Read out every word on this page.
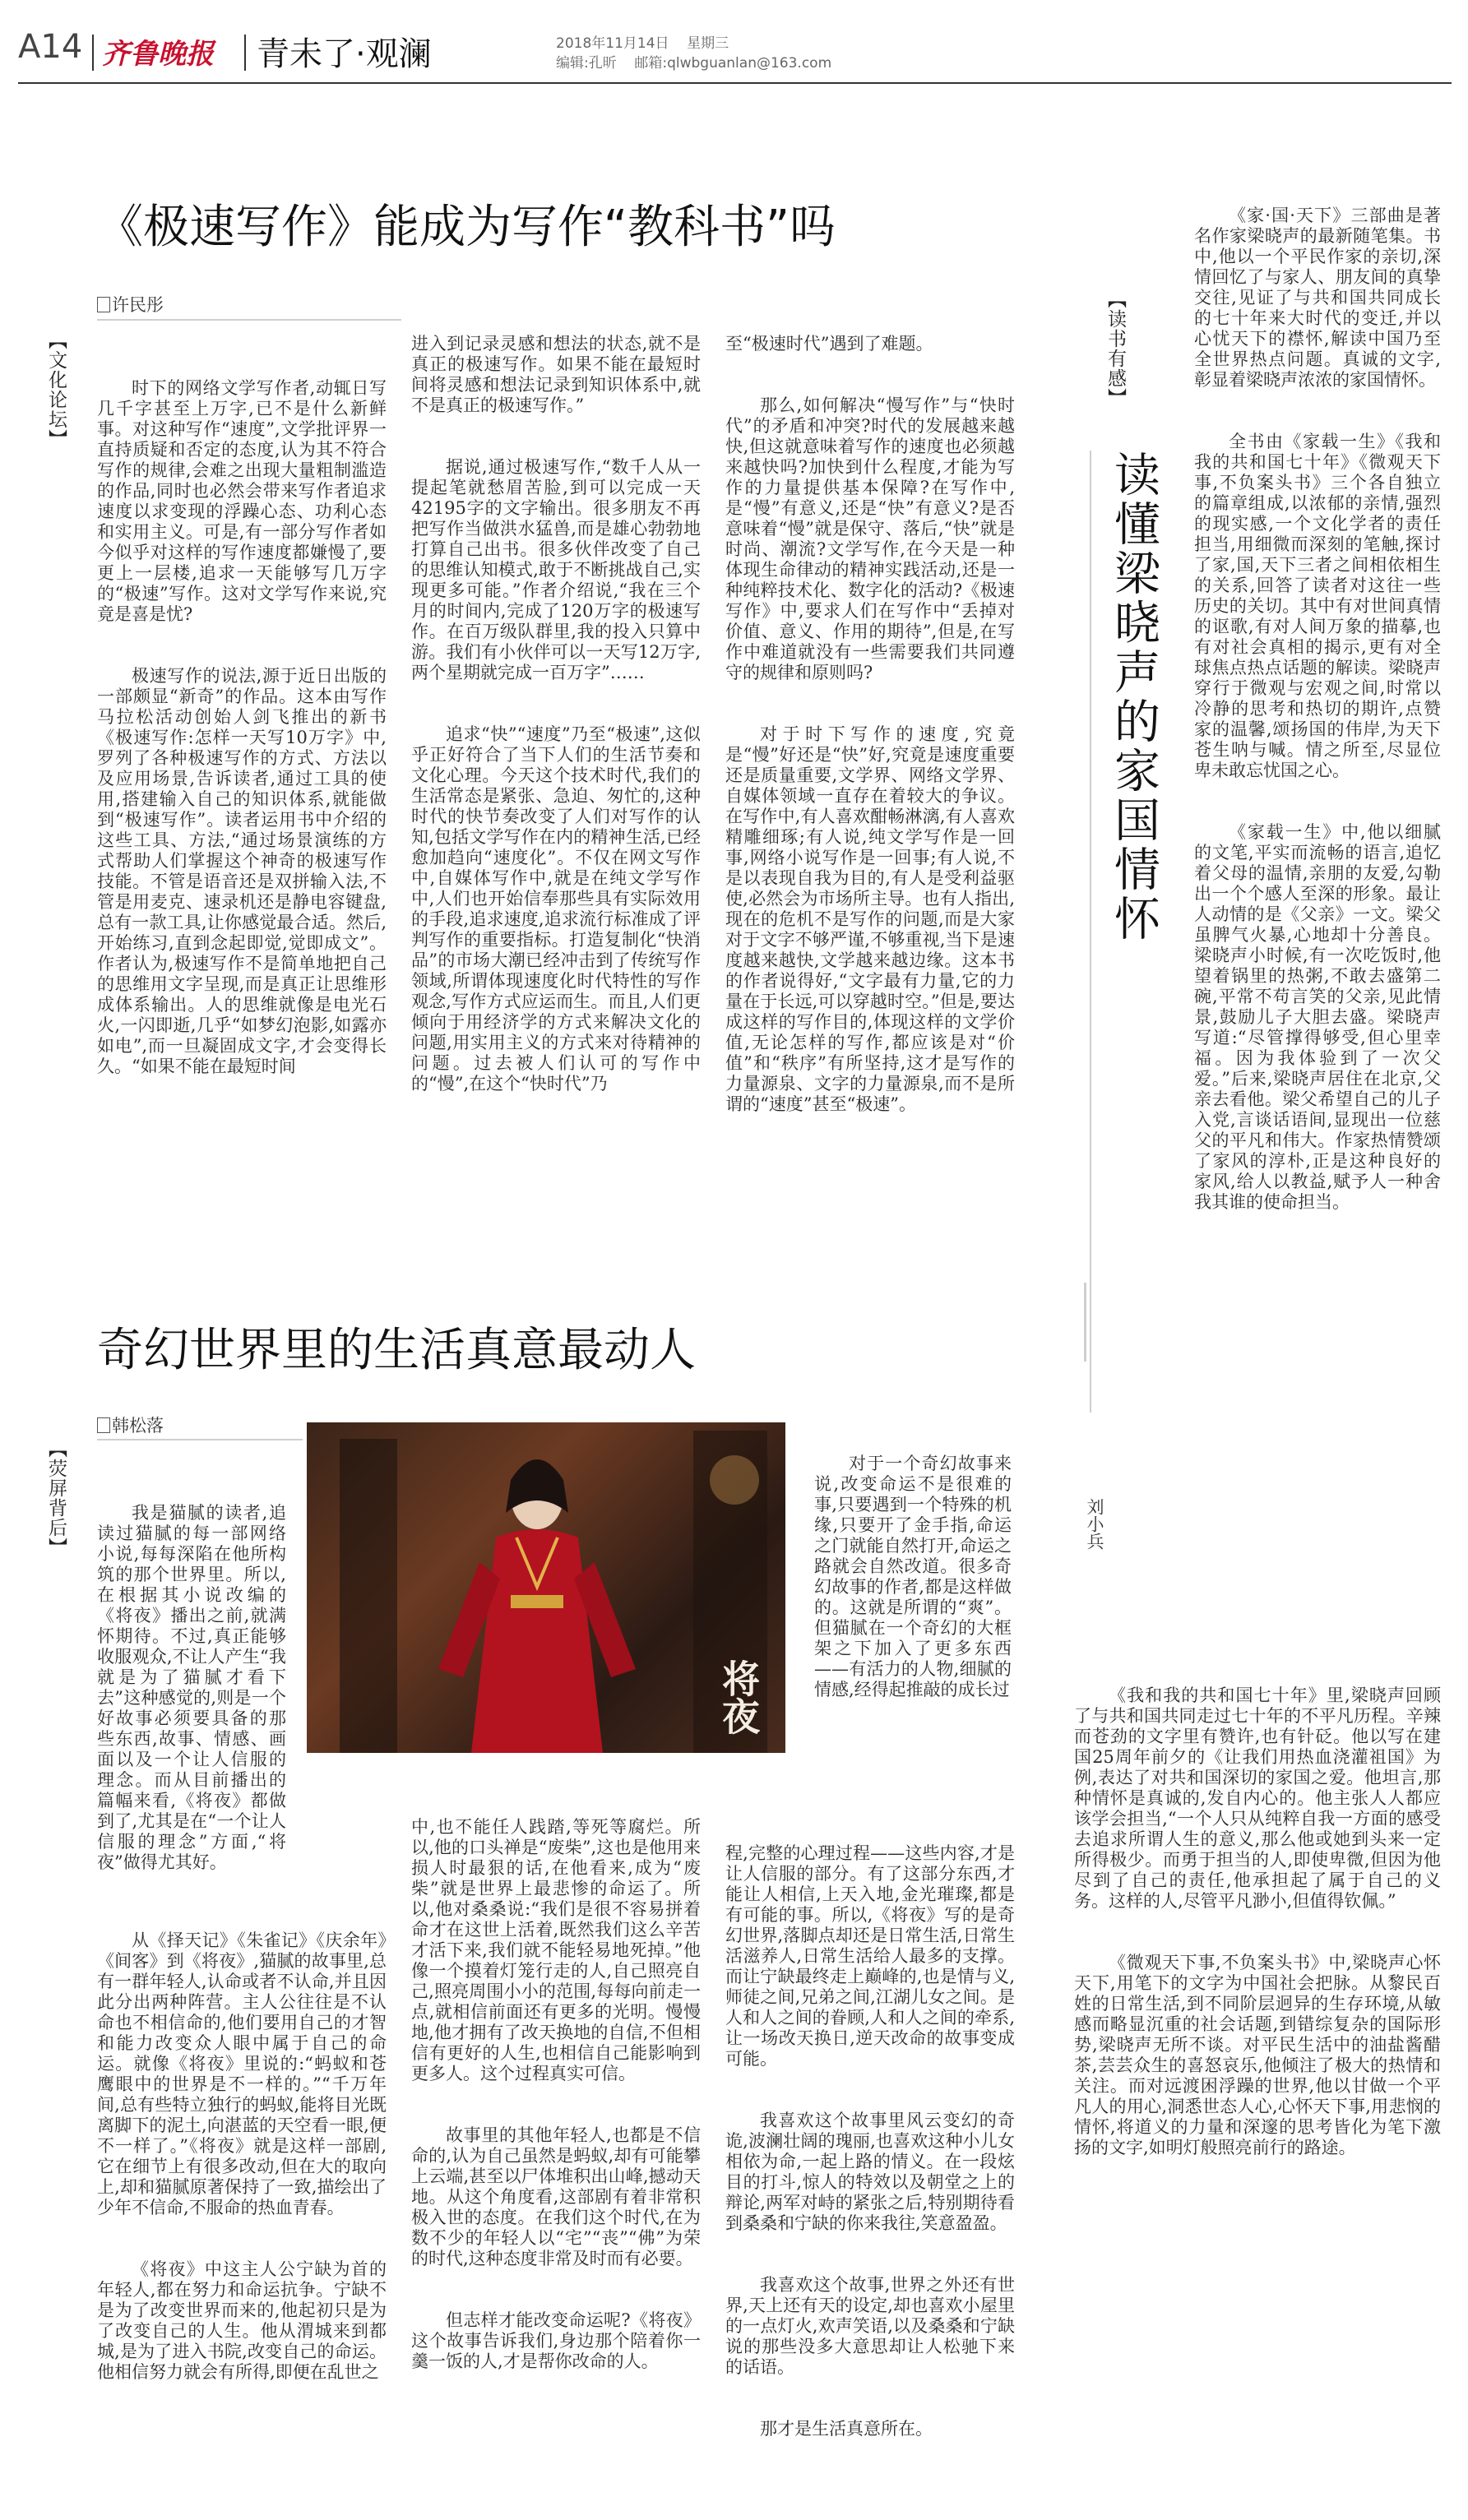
A14 齐鲁晚报 青未了·观澜	2018年11月14日 星期三
编辑:孔昕 邮箱:qlwbguanlan@163.com
《极速写作》能成为写作“教科书”吗
许民彤
【文化论坛】

	时下的网络文学写作者,动辄日写几千字甚至上万字,已不是什么新鲜事。对这种写作“速度”,文学批评界一直持质疑和否定的态度,认为其不符合写作的规律,会难之出现大量粗制滥造的作品,同时也必然会带来写作者追求速度以求变现的浮躁心态、功利心态和实用主义。可是,有一部分写作者如今似乎对这样的写作速度都嫌慢了,要更上一层楼,追求一天能够写几万字的“极速”写作。这对文学写作来说,究竟是喜是忧?

极速写作的说法,源于近日出版的一部颇显“新奇”的作品。这本由写作马拉松活动创始人剑飞推出的新书《极速写作:怎样一天写10万字》中,罗列了各种极速写作的方式、方法以及应用场景,告诉读者,通过工具的使用,搭建输入自己的知识体系,就能做到“极速写作”。读者运用书中介绍的这些工具、方法,“通过场景演练的方式帮助人们掌握这个神奇的极速写作技能。不管是语音还是双拼输入法,不管是用麦克、速录机还是静电容键盘,总有一款工具,让你感觉最合适。然后,开始练习,直到念起即觉,觉即成文”。作者认为,极速写作不是简单地把自己的思维用文字呈现,而是真正让思维形成体系输出。人的思维就像是电光石火,一闪即逝,几乎“如梦幻泡影,如露亦如电”,而一旦凝固成文字,才会变得长久。“如果不能在最短时间

进入到记录灵感和想法的状态,就不是真正的极速写作。如果不能在最短时间将灵感和想法记录到知识体系中,就不是真正的极速写作。”

据说,通过极速写作,“数千人从一提起笔就愁眉苦脸,到可以完成一天42195字的文字输出。很多朋友不再把写作当做洪水猛兽,而是雄心勃勃地打算自己出书。很多伙伴改变了自己的思维认知模式,敢于不断挑战自己,实现更多可能。”作者介绍说,“我在三个月的时间内,完成了120万字的极速写作。在百万级队群里,我的投入只算中游。我们有小伙伴可以一天写12万字,两个星期就完成一百万字”……

追求“快”“速度”乃至“极速”,这似乎正好符合了当下人们的生活节奏和文化心理。今天这个技术时代,我们的生活常态是紧张、急迫、匆忙的,这种时代的快节奏改变了人们对写作的认知,包括文学写作在内的精神生活,已经愈加趋向“速度化”。不仅在网文写作中,自媒体写作中,就是在纯文学写作中,人们也开始信奉那些具有实际效用的手段,追求速度,追求流行标准成了评判写作的重要指标。打造复制化“快消品”的市场大潮已经冲击到了传统写作领域,所谓体现速度化时代特性的写作观念,写作方式应运而生。而且,人们更倾向于用经济学的方式来解决文化的问题,用实用主义的方式来对待精神的问题。过去被人们认可的写作中的“慢”,在这个“快时代”乃

至“极速时代”遇到了难题。

那么,如何解决“慢写作”与“快时代”的矛盾和冲突?时代的发展越来越快,但这就意味着写作的速度也必须越来越快吗?加快到什么程度,才能为写作的力量提供基本保障?在写作中,是“慢”有意义,还是“快”有意义?是否意味着“慢”就是保守、落后,“快”就是时尚、潮流?文学写作,在今天是一种体现生命律动的精神实践活动,还是一种纯粹技术化、数字化的活动?《极速写作》中,要求人们在写作中“丢掉对价值、意义、作用的期待”,但是,在写作中难道就没有一些需要我们共同遵守的规律和原则吗?

对于时下写作的速度,究竟是“慢”好还是“快”好,究竟是速度重要还是质量重要,文学界、网络文学界、自媒体领域一直存在着较大的争议。在写作中,有人喜欢酣畅淋漓,有人喜欢精雕细琢;有人说,纯文学写作是一回事,网络小说写作是一回事;有人说,不是以表现自我为目的,有人是受利益驱使,必然会为市场所主导。也有人指出,现在的危机不是写作的问题,而是大家对于文字不够严谨,不够重视,当下是速度越来越快,文学越来越边缘。这本书的作者说得好,“文字最有力量,它的力量在于长远,可以穿越时空。”但是,要达成这样的写作目的,体现这样的文学价值,无论怎样的写作,都应该是对“价值”和“秩序”有所坚持,这才是写作的力量源泉、文字的力量源泉,而不是所谓的“速度”甚至“极速”。

奇幻世界里的生活真意最动人
韩松落
【荧屏背后】
将夜

我是猫腻的读者,追读过猫腻的每一部网络小说,每每深陷在他所构筑的那个世界里。所以,在根据其小说改编的《将夜》播出之前,就满怀期待。不过,真正能够收服观众,不让人产生“我就是为了猫腻才看下去”这种感觉的,则是一个好故事必须要具备的那些东西,故事、情感、画面以及一个让人信服的理念。而从目前播出的篇幅来看,《将夜》都做到了,尤其是在“一个让人信服的理念”方面,“将夜”做得尤其好。

从《择天记》《朱雀记》《庆余年》《间客》到《将夜》,猫腻的故事里,总有一群年轻人,认命或者不认命,并且因此分出两种阵营。主人公往往是不认命也不相信命的,他们要用自己的才智和能力改变众人眼中属于自己的命运。就像《将夜》里说的:“蚂蚁和苍鹰眼中的世界是不一样的。”“千万年间,总有些特立独行的蚂蚁,能将目光既离脚下的泥土,向湛蓝的天空看一眼,便不一样了。”《将夜》就是这样一部剧,它在细节上有很多改动,但在大的取向上,却和猫腻原著保持了一致,描绘出了少年不信命,不服命的热血青春。

《将夜》中这主人公宁缺为首的年轻人,都在努力和命运抗争。宁缺不是为了改变世界而来的,他起初只是为了改变自己的人生。他从渭城来到都城,是为了进入书院,改变自己的命运。他相信努力就会有所得,即便在乱世之

中,也不能任人践踏,等死等腐烂。所以,他的口头禅是“废柴”,这也是他用来损人时最狠的话,在他看来,成为“废柴”就是世界上最悲惨的命运了。所以,他对桑桑说:“我们是很不容易拼着命才在这世上活着,既然我们这么辛苦才活下来,我们就不能轻易地死掉。”他像一个摸着灯笼行走的人,自己照亮自己,照亮周围小小的范围,每每向前走一点,就相信前面还有更多的光明。慢慢地,他才拥有了改天换地的自信,不但相信有更好的人生,也相信自己能影响到更多人。这个过程真实可信。

故事里的其他年轻人,也都是不信命的,认为自己虽然是蚂蚁,却有可能攀上云端,甚至以尸体堆积出山峰,撼动天地。从这个角度看,这部剧有着非常积极入世的态度。在我们这个时代,在为数不少的年轻人以“宅”“丧”“佛”为荣的时代,这种态度非常及时而有必要。

但志样才能改变命运呢?《将夜》这个故事告诉我们,身边那个陪着你一羹一饭的人,才是帮你改命的人。

对于一个奇幻故事来说,改变命运不是很难的事,只要遇到一个特殊的机缘,只要开了金手指,命运之门就能自然打开,命运之路就会自然改道。很多奇幻故事的作者,都是这样做的。这就是所谓的“爽”。但猫腻在一个奇幻的大框架之下加入了更多东西——有活力的人物,细腻的情感,经得起推敲的成长过

程,完整的心理过程——这些内容,才是让人信服的部分。有了这部分东西,才能让人相信,上天入地,金光璀璨,都是有可能的事。所以,《将夜》写的是奇幻世界,落脚点却还是日常生活,日常生活滋养人,日常生活给人最多的支撑。而让宁缺最终走上巅峰的,也是情与义,师徒之间,兄弟之间,江湖儿女之间。是人和人之间的眷顾,人和人之间的牵系,让一场改天换日,逆天改命的故事变成可能。

我喜欢这个故事里风云变幻的奇诡,波澜壮阔的瑰丽,也喜欢这种小儿女相依为命,一起上路的情义。在一段炫目的打斗,惊人的特效以及朝堂之上的辩论,两军对峙的紧张之后,特别期待看到桑桑和宁缺的你来我往,笑意盈盈。

我喜欢这个故事,世界之外还有世界,天上还有天的设定,却也喜欢小屋里的一点灯火,欢声笑语,以及桑桑和宁缺说的那些没多大意思却让人松驰下来的话语。

那才是生活真意所在。

【读书有感】
读懂梁晓声的家国情怀
刘小兵

《家·国·天下》三部曲是著名作家梁晓声的最新随笔集。书中,他以一个平民作家的亲切,深情回忆了与家人、朋友间的真挚交往,见证了与共和国共同成长的七十年来大时代的变迁,并以心忧天下的襟怀,解读中国乃至全世界热点问题。真诚的文字,彰显着梁晓声浓浓的家国情怀。

全书由《家载一生》《我和我的共和国七十年》《微观天下事,不负案头书》三个各自独立的篇章组成,以浓郁的亲情,强烈的现实感,一个文化学者的责任担当,用细微而深刻的笔触,探讨了家,国,天下三者之间相依相生的关系,回答了读者对这往一些历史的关切。其中有对世间真情的讴歌,有对人间万象的描摹,也有对社会真相的揭示,更有对全球焦点热点话题的解读。梁晓声穿行于微观与宏观之间,时常以冷静的思考和热切的期许,点赞家的温馨,颂扬国的伟岸,为天下苍生呐与喊。情之所至,尽显位卑未敢忘忧国之心。

《家载一生》中,他以细腻的文笔,平实而流畅的语言,追忆着父母的温情,亲朋的友爱,勾勒出一个个感人至深的形象。最让人动情的是《父亲》一文。梁父虽脾气火暴,心地却十分善良。梁晓声小时候,有一次吃饭时,他望着锅里的热粥,不敢去盛第二碗,平常不苟言笑的父亲,见此情景,鼓励儿子大胆去盛。梁晓声写道:“尽管撑得够受,但心里幸福。因为我体验到了一次父爱。”后来,梁晓声居住在北京,父亲去看他。梁父希望自己的儿子入党,言谈话语间,显现出一位慈父的平凡和伟大。作家热情赞颂了家风的淳朴,正是这种良好的家风,给人以教益,赋予人一种舍我其谁的使命担当。

《我和我的共和国七十年》里,梁晓声回顾了与共和国共同走过七十年的不平凡历程。辛辣而苍劲的文字里有赞许,也有针砭。他以写在建国25周年前夕的《让我们用热血浇灌祖国》为例,表达了对共和国深切的家国之爱。他坦言,那种情怀是真诚的,发自内心的。他主张人人都应该学会担当,“一个人只从纯粹自我一方面的感受去追求所谓人生的意义,那么他或她到头来一定所得极少。而勇于担当的人,即使卑微,但因为他尽到了自己的责任,他承担起了属于自己的义务。这样的人,尽管平凡渺小,但值得钦佩。”

《微观天下事,不负案头书》中,梁晓声心怀天下,用笔下的文字为中国社会把脉。从黎民百姓的日常生活,到不同阶层迥异的生存环境,从敏感而略显沉重的社会话题,到错综复杂的国际形势,梁晓声无所不谈。对平民生活中的油盐酱醋茶,芸芸众生的喜怒哀乐,他倾注了极大的热情和关注。而对远渡困浮躁的世界,他以甘做一个平凡人的用心,洞悉世态人心,心怀天下事,用悲悯的情怀,将道义的力量和深邃的思考皆化为笔下激扬的文字,如明灯般照亮前行的路途。
